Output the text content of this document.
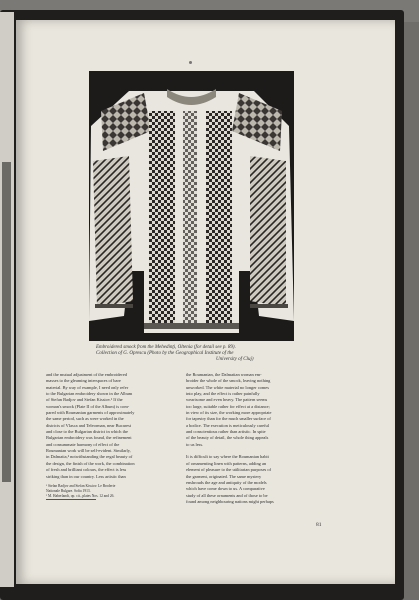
Embroidered smock from the Mehedinţi, Oltenia (for detail see p. 89).
Collection of G. Oprescu (Photo by the Geographical Institute of the
University of Cluj)
and the mutual adjustment of the embroidered
masses to the gleaming interspaces of bare
material. By way of example, I need only refer
to the Bulgarian embroidery shown in the Album
of Stefan Badjov and Stefan Kissiov.¹ If the
woman's smock (Plate II of the Album) is com-
pared with Roumanian garments of approximately
the same period, such as were worked in the
districts of Vlasca and Teleorman, near Bucarest
and close to the Bulgarian district in which the
Bulgarian embroidery was found, the refinement
and consummate harmony of effect of the
Roumanian work will be self-evident. Similarly,
in Dalmatia,² notwithstanding the regal beauty of
the design, the finish of the work, the combination
of fresh and brilliant colours, the effect is less
striking than in our country. Less artistic than
¹ Stefan Badjov and Stefan Kissiov. Le Broderie
Nationale Bulgare. Sofia 1913.
² M. Haberlandt, op. cit., plates Nos. 12 and 26.
the Roumanian, the Dalmatian woman em-
broider the whole of the smock, leaving nothing
unworked. The white material no longer comes
into play, and the effect is rather painfully
wearisome and even heavy. The pattern seems
too large, suitable rather for effect at a distance;
in view of its size, the working more appropriate
for tapestry than for the much smaller surface of
a bodice. The execution is meticulously careful
and conscientious rather than artistic. In spite
of the beauty of detail, the whole thing appeals
to us less.
It is difficult to say where the Roumanian habit
of ornamenting linen with patterns, adding an
element of pleasure to the utilitarian purposes of
the garment, originated. The same mystery
enshrouds the age and antiquity of the models
which have come down to us. A comparative
study of all these ornaments and of those to be
found among neighbouring nations might perhaps
81
